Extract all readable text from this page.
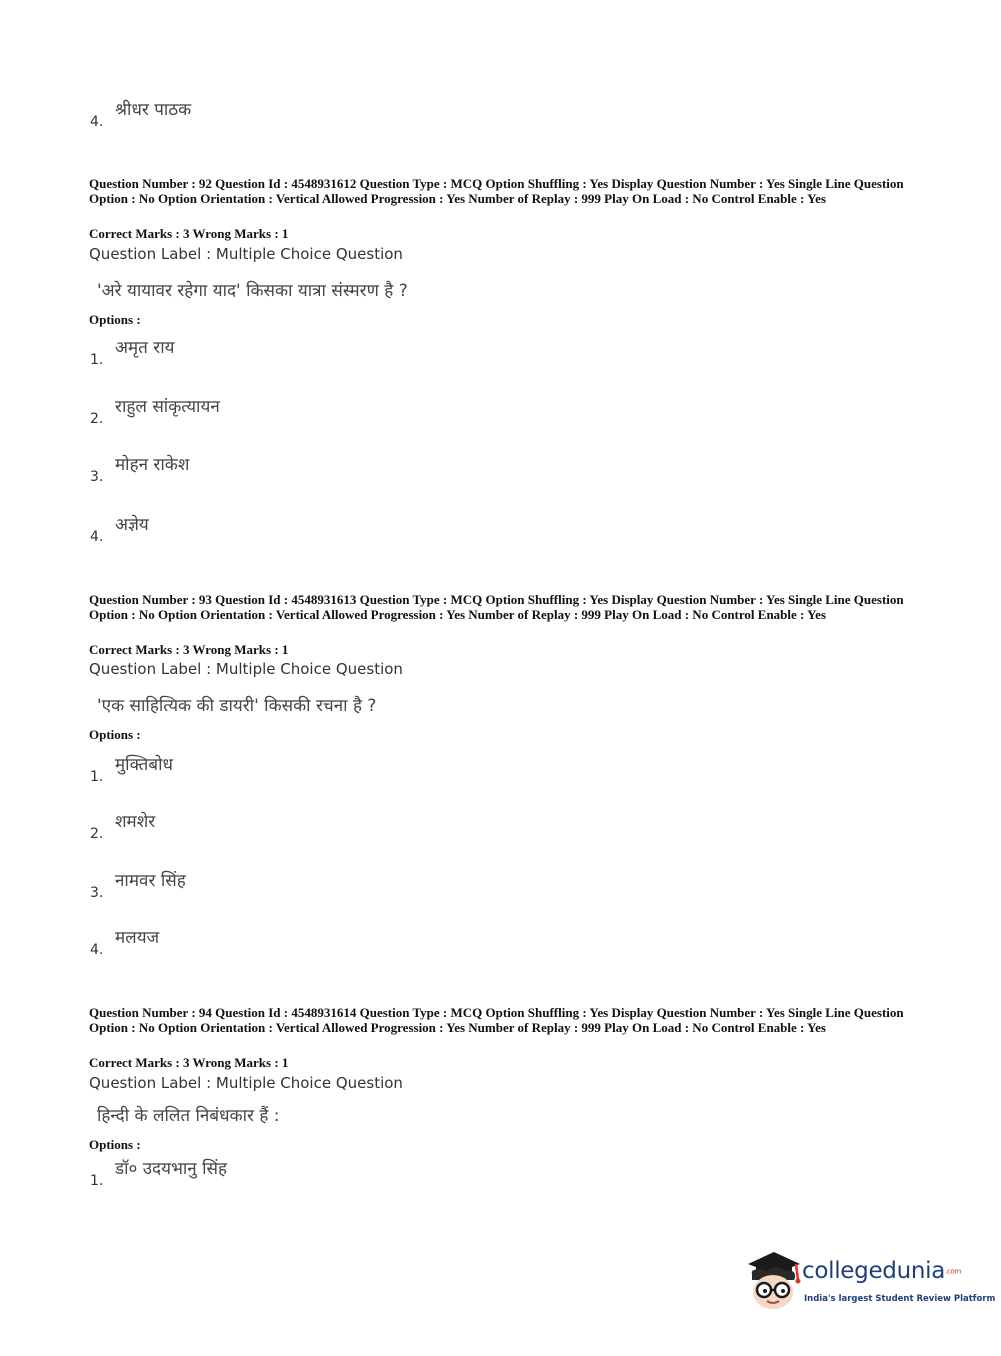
4.
श्रीधर पाठक
Question Number : 92 Question Id : 4548931612 Question Type : MCQ Option Shuffling : Yes Display Question Number : Yes Single Line Question Option : No Option Orientation : Vertical Allowed Progression : Yes Number of Replay : 999 Play On Load : No Control Enable : Yes
Correct Marks : 3 Wrong Marks : 1
Question Label : Multiple Choice Question
'अरे यायावर रहेगा याद' किसका यात्रा संस्मरण है ?
Options :
1.
अमृत राय
2.
राहुल सांकृत्यायन
3.
मोहन राकेश
4.
अज्ञेय
Question Number : 93 Question Id : 4548931613 Question Type : MCQ Option Shuffling : Yes Display Question Number : Yes Single Line Question Option : No Option Orientation : Vertical Allowed Progression : Yes Number of Replay : 999 Play On Load : No Control Enable : Yes
Correct Marks : 3 Wrong Marks : 1
Question Label : Multiple Choice Question
'एक साहित्यिक की डायरी' किसकी रचना है ?
Options :
1.
मुक्तिबोध
2.
शमशेर
3.
नामवर सिंह
4.
मलयज
Question Number : 94 Question Id : 4548931614 Question Type : MCQ Option Shuffling : Yes Display Question Number : Yes Single Line Question Option : No Option Orientation : Vertical Allowed Progression : Yes Number of Replay : 999 Play On Load : No Control Enable : Yes
Correct Marks : 3 Wrong Marks : 1
Question Label : Multiple Choice Question
हिन्दी के ललित निबंधकार हैं :
Options :
1.
डॉ० उदयभानु सिंह
collegedunia.com
India's largest Student Review Platform
